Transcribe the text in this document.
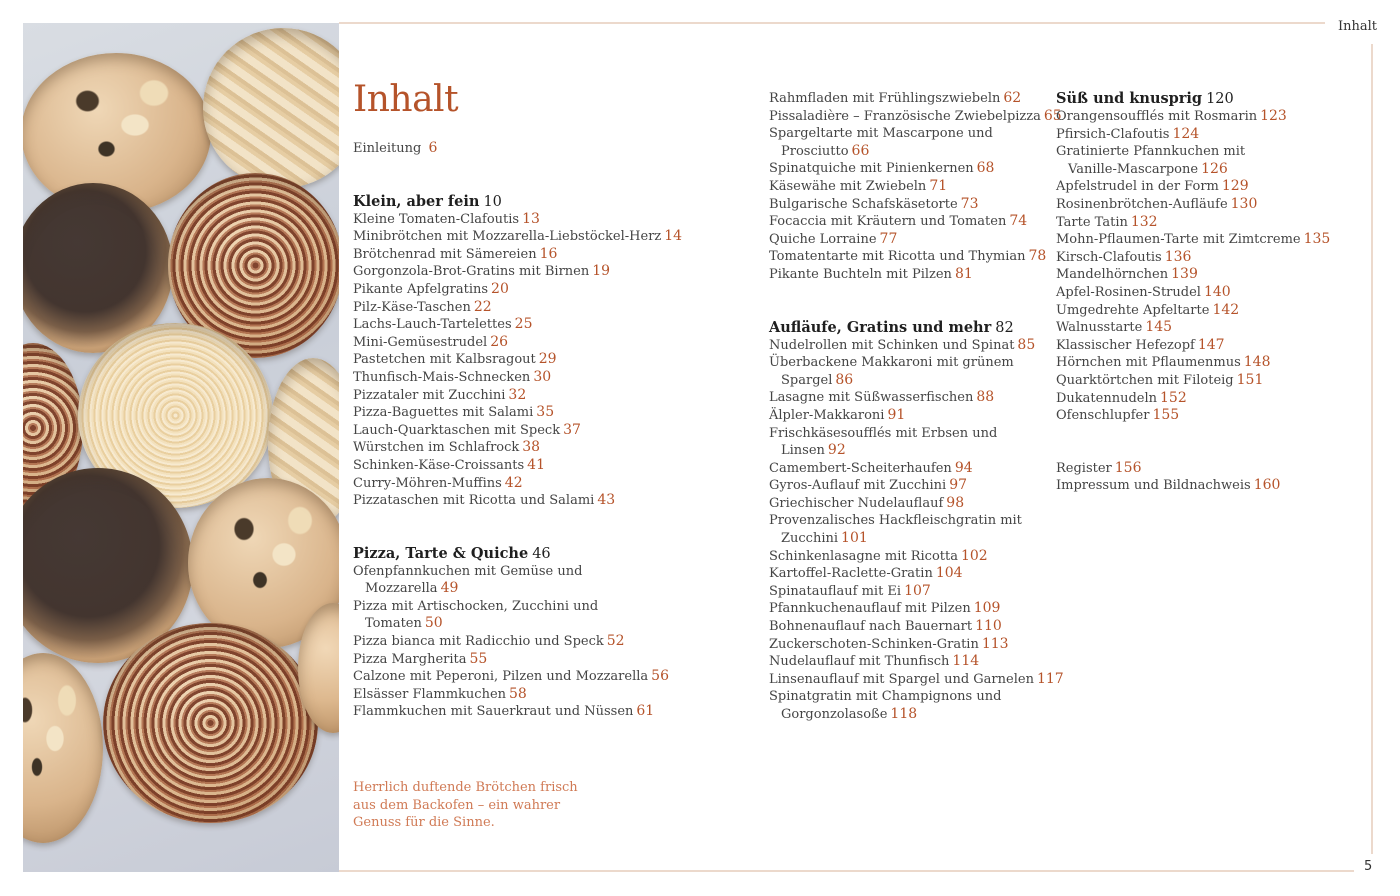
Inhalt
5
Inhalt
Einleitung 6
Klein, aber fein 10
Kleine Tomaten-Clafoutis 13
Minibrötchen mit Mozzarella-Liebstöckel-Herz 14
Brötchenrad mit Sämereien 16
Gorgonzola-Brot-Gratins mit Birnen 19
Pikante Apfelgratins 20
Pilz-Käse-Taschen 22
Lachs-Lauch-Tartelettes 25
Mini-Gemüsestrudel 26
Pastetchen mit Kalbsragout 29
Thunfisch-Mais-Schnecken 30
Pizzataler mit Zucchini 32
Pizza-Baguettes mit Salami 35
Lauch-Quarktaschen mit Speck 37
Würstchen im Schlafrock 38
Schinken-Käse-Croissants 41
Curry-Möhren-Muffins 42
Pizzataschen mit Ricotta und Salami 43
Pizza, Tarte & Quiche 46
Ofenpfannkuchen mit Gemüse und
Mozzarella 49
Pizza mit Artischocken, Zucchini und
Tomaten 50
Pizza bianca mit Radicchio und Speck 52
Pizza Margherita 55
Calzone mit Peperoni, Pilzen und Mozzarella 56
Elsässer Flammkuchen 58
Flammkuchen mit Sauerkraut und Nüssen 61
Herrlich duftende Brötchen frisch aus dem Backofen – ein wahrer Genuss für die Sinne.
Rahmfladen mit Frühlingszwiebeln 62
Pissaladière – Französische Zwiebelpizza 65
Spargeltarte mit Mascarpone und
Prosciutto 66
Spinatquiche mit Pinienkernen 68
Käsewähe mit Zwiebeln 71
Bulgarische Schafskäsetorte 73
Focaccia mit Kräutern und Tomaten 74
Quiche Lorraine 77
Tomatentarte mit Ricotta und Thymian 78
Pikante Buchteln mit Pilzen 81
Aufläufe, Gratins und mehr 82
Nudelrollen mit Schinken und Spinat 85
Überbackene Makkaroni mit grünem
Spargel 86
Lasagne mit Süßwasserfischen 88
Älpler-Makkaroni 91
Frischkäsesoufflés mit Erbsen und
Linsen 92
Camembert-Scheiterhaufen 94
Gyros-Auflauf mit Zucchini 97
Griechischer Nudelauflauf 98
Provenzalisches Hackfleischgratin mit
Zucchini 101
Schinkenlasagne mit Ricotta 102
Kartoffel-Raclette-Gratin 104
Spinatauflauf mit Ei 107
Pfannkuchenauflauf mit Pilzen 109
Bohnenauflauf nach Bauernart 110
Zuckerschoten-Schinken-Gratin 113
Nudelauflauf mit Thunfisch 114
Linsenauflauf mit Spargel und Garnelen 117
Spinatgratin mit Champignons und
Gorgonzolasoße 118
Süß und knusprig 120
Orangensoufflés mit Rosmarin 123
Pfirsich-Clafoutis 124
Gratinierte Pfannkuchen mit
Vanille-Mascarpone 126
Apfelstrudel in der Form 129
Rosinenbrötchen-Aufläufe 130
Tarte Tatin 132
Mohn-Pflaumen-Tarte mit Zimtcreme 135
Kirsch-Clafoutis 136
Mandelhörnchen 139
Apfel-Rosinen-Strudel 140
Umgedrehte Apfeltarte 142
Walnusstarte 145
Klassischer Hefezopf 147
Hörnchen mit Pflaumenmus 148
Quarktörtchen mit Filoteig 151
Dukatennudeln 152
Ofenschlupfer 155
Register 156
Impressum und Bildnachweis 160
